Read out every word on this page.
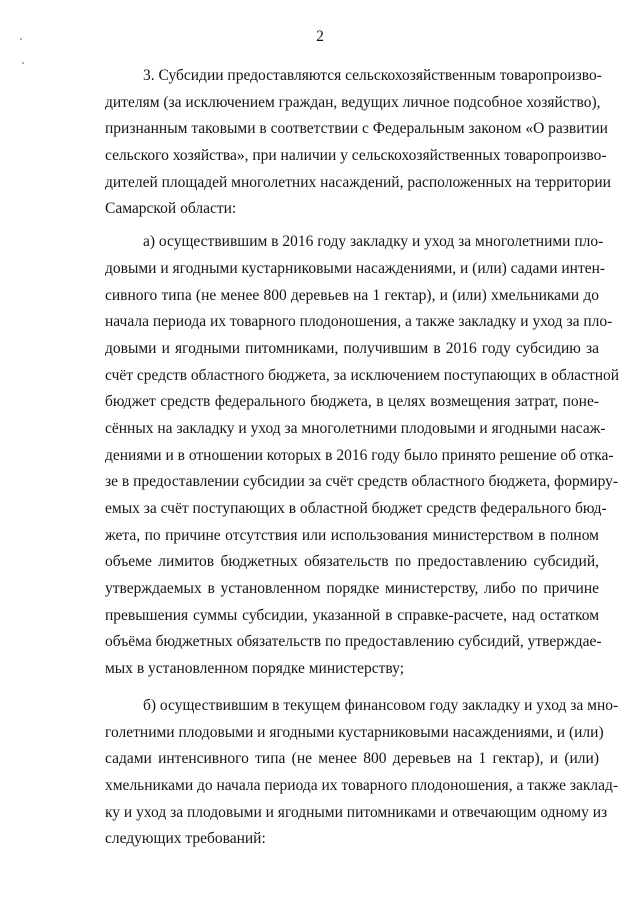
2
3. Субсидии предоставляются сельскохозяйственным товаропроизво-
дителям (за исключением граждан, ведущих личное подсобное хозяйство),
признанным таковыми в соответствии с Федеральным законом «О развитии
сельского хозяйства», при наличии у сельскохозяйственных товаропроизво-
дителей площадей многолетних насаждений, расположенных на территории
Самарской области:
а) осуществившим в 2016 году закладку и уход за многолетними пло-
довыми и ягодными кустарниковыми насаждениями, и (или) садами интен-
сивного типа (не менее 800 деревьев на 1 гектар), и (или) хмельниками до
начала периода их товарного плодоношения, а также закладку и уход за пло-
довыми и ягодными питомниками, получившим в 2016 году субсидию за
счёт средств областного бюджета, за исключением поступающих в областной
бюджет средств федерального бюджета, в целях возмещения затрат, поне-
сённых на закладку и уход за многолетними плодовыми и ягодными насаж-
дениями и в отношении которых в 2016 году было принято решение об отка-
зе в предоставлении субсидии за счёт средств областного бюджета, формиру-
емых за счёт поступающих в областной бюджет средств федерального бюд-
жета, по причине отсутствия или использования министерством в полном
объеме лимитов бюджетных обязательств по предоставлению субсидий,
утверждаемых в установленном порядке министерству, либо по причине
превышения суммы субсидии, указанной в справке-расчете, над остатком
объёма бюджетных обязательств по предоставлению субсидий, утверждае-
мых в установленном порядке министерству;
б) осуществившим в текущем финансовом году закладку и уход за мно-
голетними плодовыми и ягодными кустарниковыми насаждениями, и (или)
садами интенсивного типа (не менее 800 деревьев на 1 гектар), и (или)
хмельниками до начала периода их товарного плодоношения, а также заклад-
ку и уход за плодовыми и ягодными питомниками и отвечающим одному из
следующих требований:
